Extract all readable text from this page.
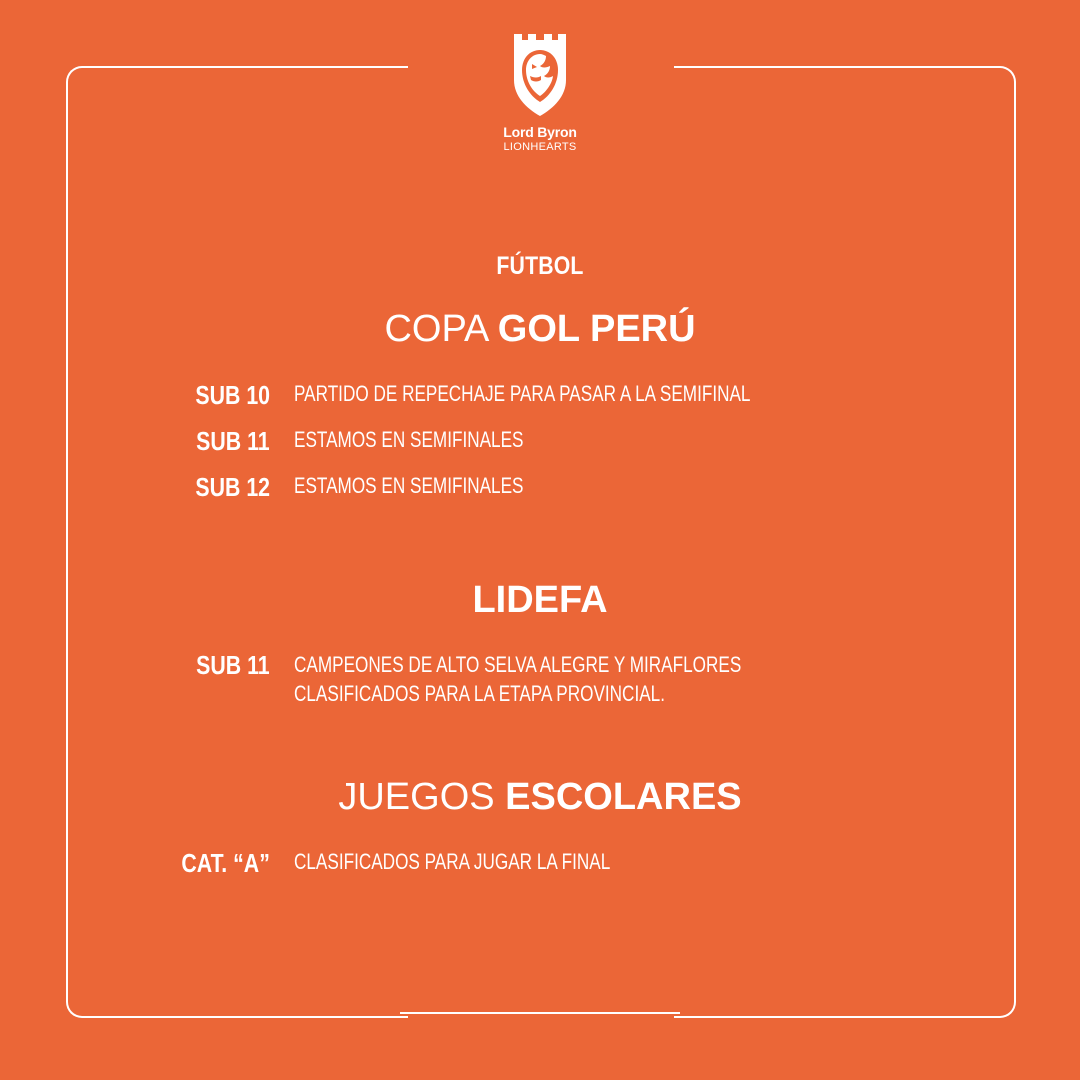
Lord Byron
LIONHEARTS
FÚTBOL
COPA GOL PERÚ
SUB 10 PARTIDO DE REPECHAJE PARA PASAR A LA SEMIFINAL
SUB 11 ESTAMOS EN SEMIFINALES
SUB 12 ESTAMOS EN SEMIFINALES
LIDEFA
SUB 11 CAMPEONES DE ALTO SELVA ALEGRE Y MIRAFLORES
CLASIFICADOS PARA LA ETAPA PROVINCIAL.
JUEGOS ESCOLARES
CAT. “A” CLASIFICADOS PARA JUGAR LA FINAL
